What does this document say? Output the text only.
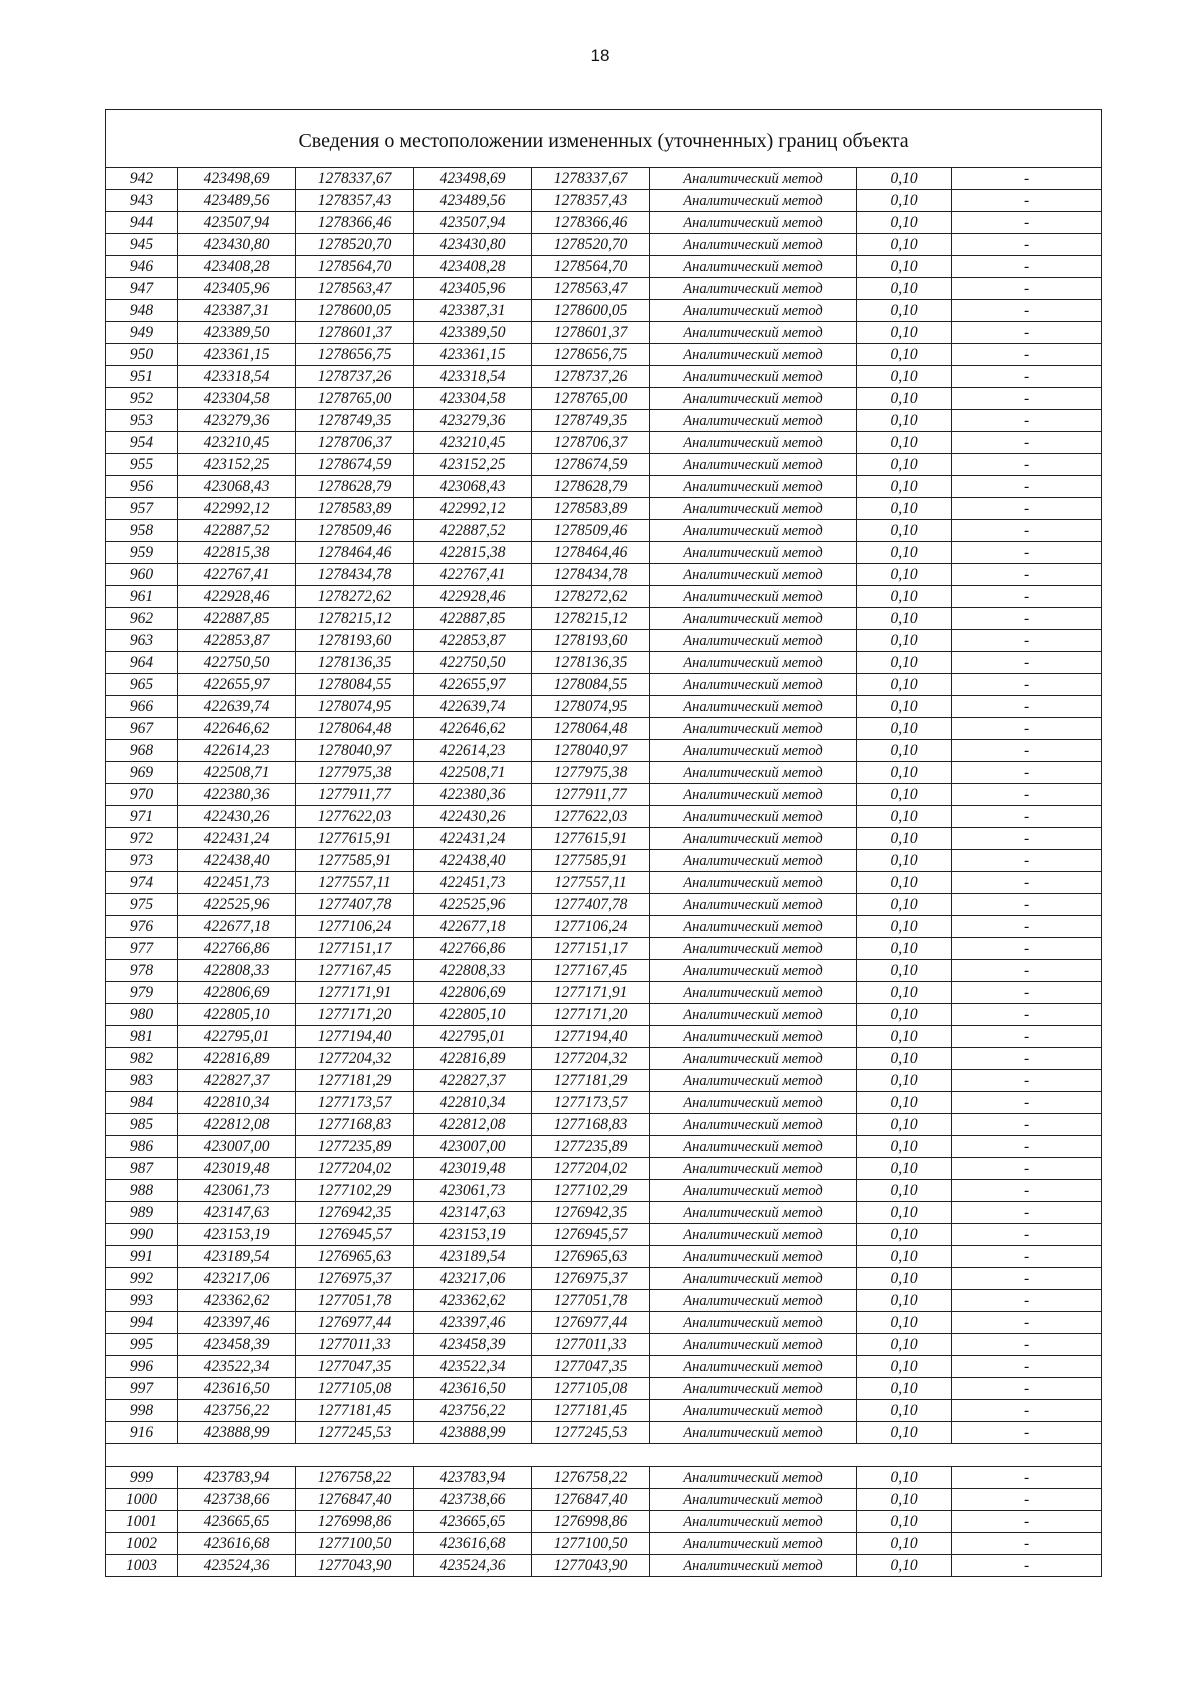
18
Сведения о местоположении измененных (уточненных) границ объекта							
942	423498,69	1278337,67	423498,69	1278337,67	Аналитический метод	0,10	-
943	423489,56	1278357,43	423489,56	1278357,43	Аналитический метод	0,10	-
944	423507,94	1278366,46	423507,94	1278366,46	Аналитический метод	0,10	-
945	423430,80	1278520,70	423430,80	1278520,70	Аналитический метод	0,10	-
946	423408,28	1278564,70	423408,28	1278564,70	Аналитический метод	0,10	-
947	423405,96	1278563,47	423405,96	1278563,47	Аналитический метод	0,10	-
948	423387,31	1278600,05	423387,31	1278600,05	Аналитический метод	0,10	-
949	423389,50	1278601,37	423389,50	1278601,37	Аналитический метод	0,10	-
950	423361,15	1278656,75	423361,15	1278656,75	Аналитический метод	0,10	-
951	423318,54	1278737,26	423318,54	1278737,26	Аналитический метод	0,10	-
952	423304,58	1278765,00	423304,58	1278765,00	Аналитический метод	0,10	-
953	423279,36	1278749,35	423279,36	1278749,35	Аналитический метод	0,10	-
954	423210,45	1278706,37	423210,45	1278706,37	Аналитический метод	0,10	-
955	423152,25	1278674,59	423152,25	1278674,59	Аналитический метод	0,10	-
956	423068,43	1278628,79	423068,43	1278628,79	Аналитический метод	0,10	-
957	422992,12	1278583,89	422992,12	1278583,89	Аналитический метод	0,10	-
958	422887,52	1278509,46	422887,52	1278509,46	Аналитический метод	0,10	-
959	422815,38	1278464,46	422815,38	1278464,46	Аналитический метод	0,10	-
960	422767,41	1278434,78	422767,41	1278434,78	Аналитический метод	0,10	-
961	422928,46	1278272,62	422928,46	1278272,62	Аналитический метод	0,10	-
962	422887,85	1278215,12	422887,85	1278215,12	Аналитический метод	0,10	-
963	422853,87	1278193,60	422853,87	1278193,60	Аналитический метод	0,10	-
964	422750,50	1278136,35	422750,50	1278136,35	Аналитический метод	0,10	-
965	422655,97	1278084,55	422655,97	1278084,55	Аналитический метод	0,10	-
966	422639,74	1278074,95	422639,74	1278074,95	Аналитический метод	0,10	-
967	422646,62	1278064,48	422646,62	1278064,48	Аналитический метод	0,10	-
968	422614,23	1278040,97	422614,23	1278040,97	Аналитический метод	0,10	-
969	422508,71	1277975,38	422508,71	1277975,38	Аналитический метод	0,10	-
970	422380,36	1277911,77	422380,36	1277911,77	Аналитический метод	0,10	-
971	422430,26	1277622,03	422430,26	1277622,03	Аналитический метод	0,10	-
972	422431,24	1277615,91	422431,24	1277615,91	Аналитический метод	0,10	-
973	422438,40	1277585,91	422438,40	1277585,91	Аналитический метод	0,10	-
974	422451,73	1277557,11	422451,73	1277557,11	Аналитический метод	0,10	-
975	422525,96	1277407,78	422525,96	1277407,78	Аналитический метод	0,10	-
976	422677,18	1277106,24	422677,18	1277106,24	Аналитический метод	0,10	-
977	422766,86	1277151,17	422766,86	1277151,17	Аналитический метод	0,10	-
978	422808,33	1277167,45	422808,33	1277167,45	Аналитический метод	0,10	-
979	422806,69	1277171,91	422806,69	1277171,91	Аналитический метод	0,10	-
980	422805,10	1277171,20	422805,10	1277171,20	Аналитический метод	0,10	-
981	422795,01	1277194,40	422795,01	1277194,40	Аналитический метод	0,10	-
982	422816,89	1277204,32	422816,89	1277204,32	Аналитический метод	0,10	-
983	422827,37	1277181,29	422827,37	1277181,29	Аналитический метод	0,10	-
984	422810,34	1277173,57	422810,34	1277173,57	Аналитический метод	0,10	-
985	422812,08	1277168,83	422812,08	1277168,83	Аналитический метод	0,10	-
986	423007,00	1277235,89	423007,00	1277235,89	Аналитический метод	0,10	-
987	423019,48	1277204,02	423019,48	1277204,02	Аналитический метод	0,10	-
988	423061,73	1277102,29	423061,73	1277102,29	Аналитический метод	0,10	-
989	423147,63	1276942,35	423147,63	1276942,35	Аналитический метод	0,10	-
990	423153,19	1276945,57	423153,19	1276945,57	Аналитический метод	0,10	-
991	423189,54	1276965,63	423189,54	1276965,63	Аналитический метод	0,10	-
992	423217,06	1276975,37	423217,06	1276975,37	Аналитический метод	0,10	-
993	423362,62	1277051,78	423362,62	1277051,78	Аналитический метод	0,10	-
994	423397,46	1276977,44	423397,46	1276977,44	Аналитический метод	0,10	-
995	423458,39	1277011,33	423458,39	1277011,33	Аналитический метод	0,10	-
996	423522,34	1277047,35	423522,34	1277047,35	Аналитический метод	0,10	-
997	423616,50	1277105,08	423616,50	1277105,08	Аналитический метод	0,10	-
998	423756,22	1277181,45	423756,22	1277181,45	Аналитический метод	0,10	-
916	423888,99	1277245,53	423888,99	1277245,53	Аналитический метод	0,10	-

999	423783,94	1276758,22	423783,94	1276758,22	Аналитический метод	0,10	-
1000	423738,66	1276847,40	423738,66	1276847,40	Аналитический метод	0,10	-
1001	423665,65	1276998,86	423665,65	1276998,86	Аналитический метод	0,10	-
1002	423616,68	1277100,50	423616,68	1277100,50	Аналитический метод	0,10	-
1003	423524,36	1277043,90	423524,36	1277043,90	Аналитический метод	0,10	-
